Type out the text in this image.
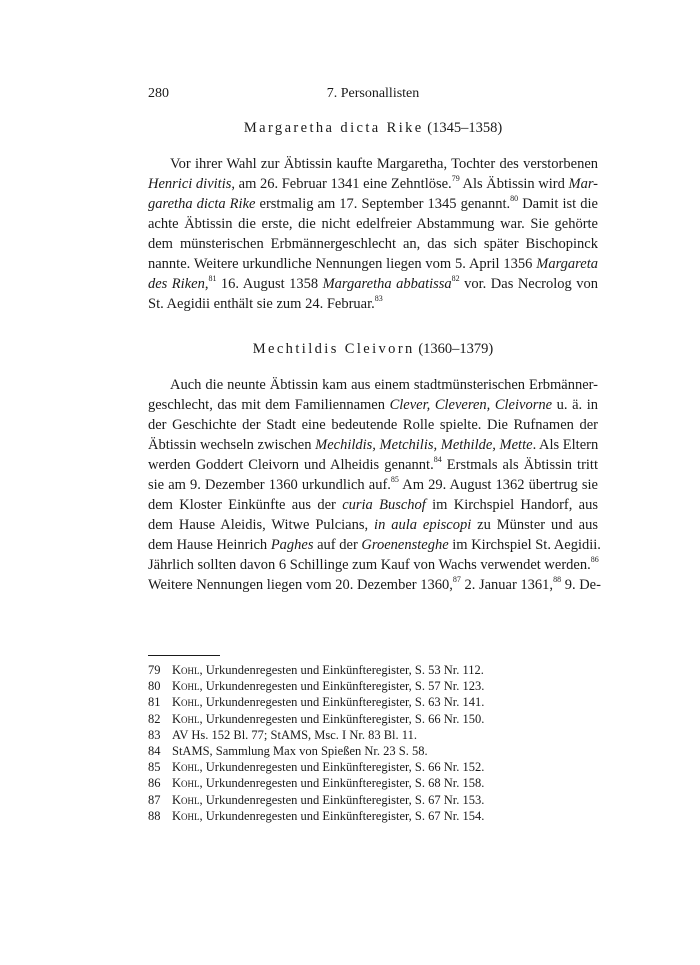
280	7. Personallisten
Margaretha dicta Rike (1345–1358)
Vor ihrer Wahl zur Äbtissin kaufte Margaretha, Tochter des verstorbenen
Henrici divitis, am 26. Februar 1341 eine Zehntlöse.$^{79}$ Als Äbtissin wird Mar-
garetha dicta Rike erstmalig am 17. September 1345 genannt.$^{80}$ Damit ist die
achte Äbtissin die erste, die nicht edelfreier Abstammung war. Sie gehörte
dem münsterischen Erbmännergeschlecht an, das sich später Bischopinck
nannte. Weitere urkundliche Nennungen liegen vom 5. April 1356 Margareta
des Riken,$^{81}$ 16. August 1358 Margaretha abbatissa$^{82}$ vor. Das Necrolog von
St. Aegidii enthält sie zum 24. Februar.$^{83}$
Mechtildis Cleivorn (1360–1379)
Auch die neunte Äbtissin kam aus einem stadtmünsterischen Erbmänner-
geschlecht, das mit dem Familiennamen Clever, Cleveren, Cleivorne u. ä. in
der Geschichte der Stadt eine bedeutende Rolle spielte. Die Rufnamen der
Äbtissin wechseln zwischen Mechildis, Metchilis, Methilde, Mette. Als Eltern
werden Goddert Cleivorn und Alheidis genannt.$^{84}$ Erstmals als Äbtissin tritt
sie am 9. Dezember 1360 urkundlich auf.$^{85}$ Am 29. August 1362 übertrug sie
dem Kloster Einkünfte aus der curia Buschof im Kirchspiel Handorf, aus
dem Hause Aleidis, Witwe Pulcians, in aula episcopi zu Münster und aus
dem Hause Heinrich Paghes auf der Groenensteghe im Kirchspiel St. Aegidii.
Jährlich sollten davon 6 Schillinge zum Kauf von Wachs verwendet werden.$^{86}$
Weitere Nennungen liegen vom 20. Dezember 1360,87 2. Januar 1361,88 9. De-
79 Kohl, Urkundenregesten und Einkünfteregister, S. 53 Nr. 112.
80 Kohl, Urkundenregesten und Einkünfteregister, S. 57 Nr. 123.
81 Kohl, Urkundenregesten und Einkünfteregister, S. 63 Nr. 141.
82 Kohl, Urkundenregesten und Einkünfteregister, S. 66 Nr. 150.
83 AV Hs. 152 Bl. 77; StAMS, Msc. I Nr. 83 Bl. 11.
84 StAMS, Sammlung Max von Spießen Nr. 23 S. 58.
85 Kohl, Urkundenregesten und Einkünfteregister, S. 66 Nr. 152.
86 Kohl, Urkundenregesten und Einkünfteregister, S. 68 Nr. 158.
87 Kohl, Urkundenregesten und Einkünfteregister, S. 67 Nr. 153.
88 Kohl, Urkundenregesten und Einkünfteregister, S. 67 Nr. 154.
